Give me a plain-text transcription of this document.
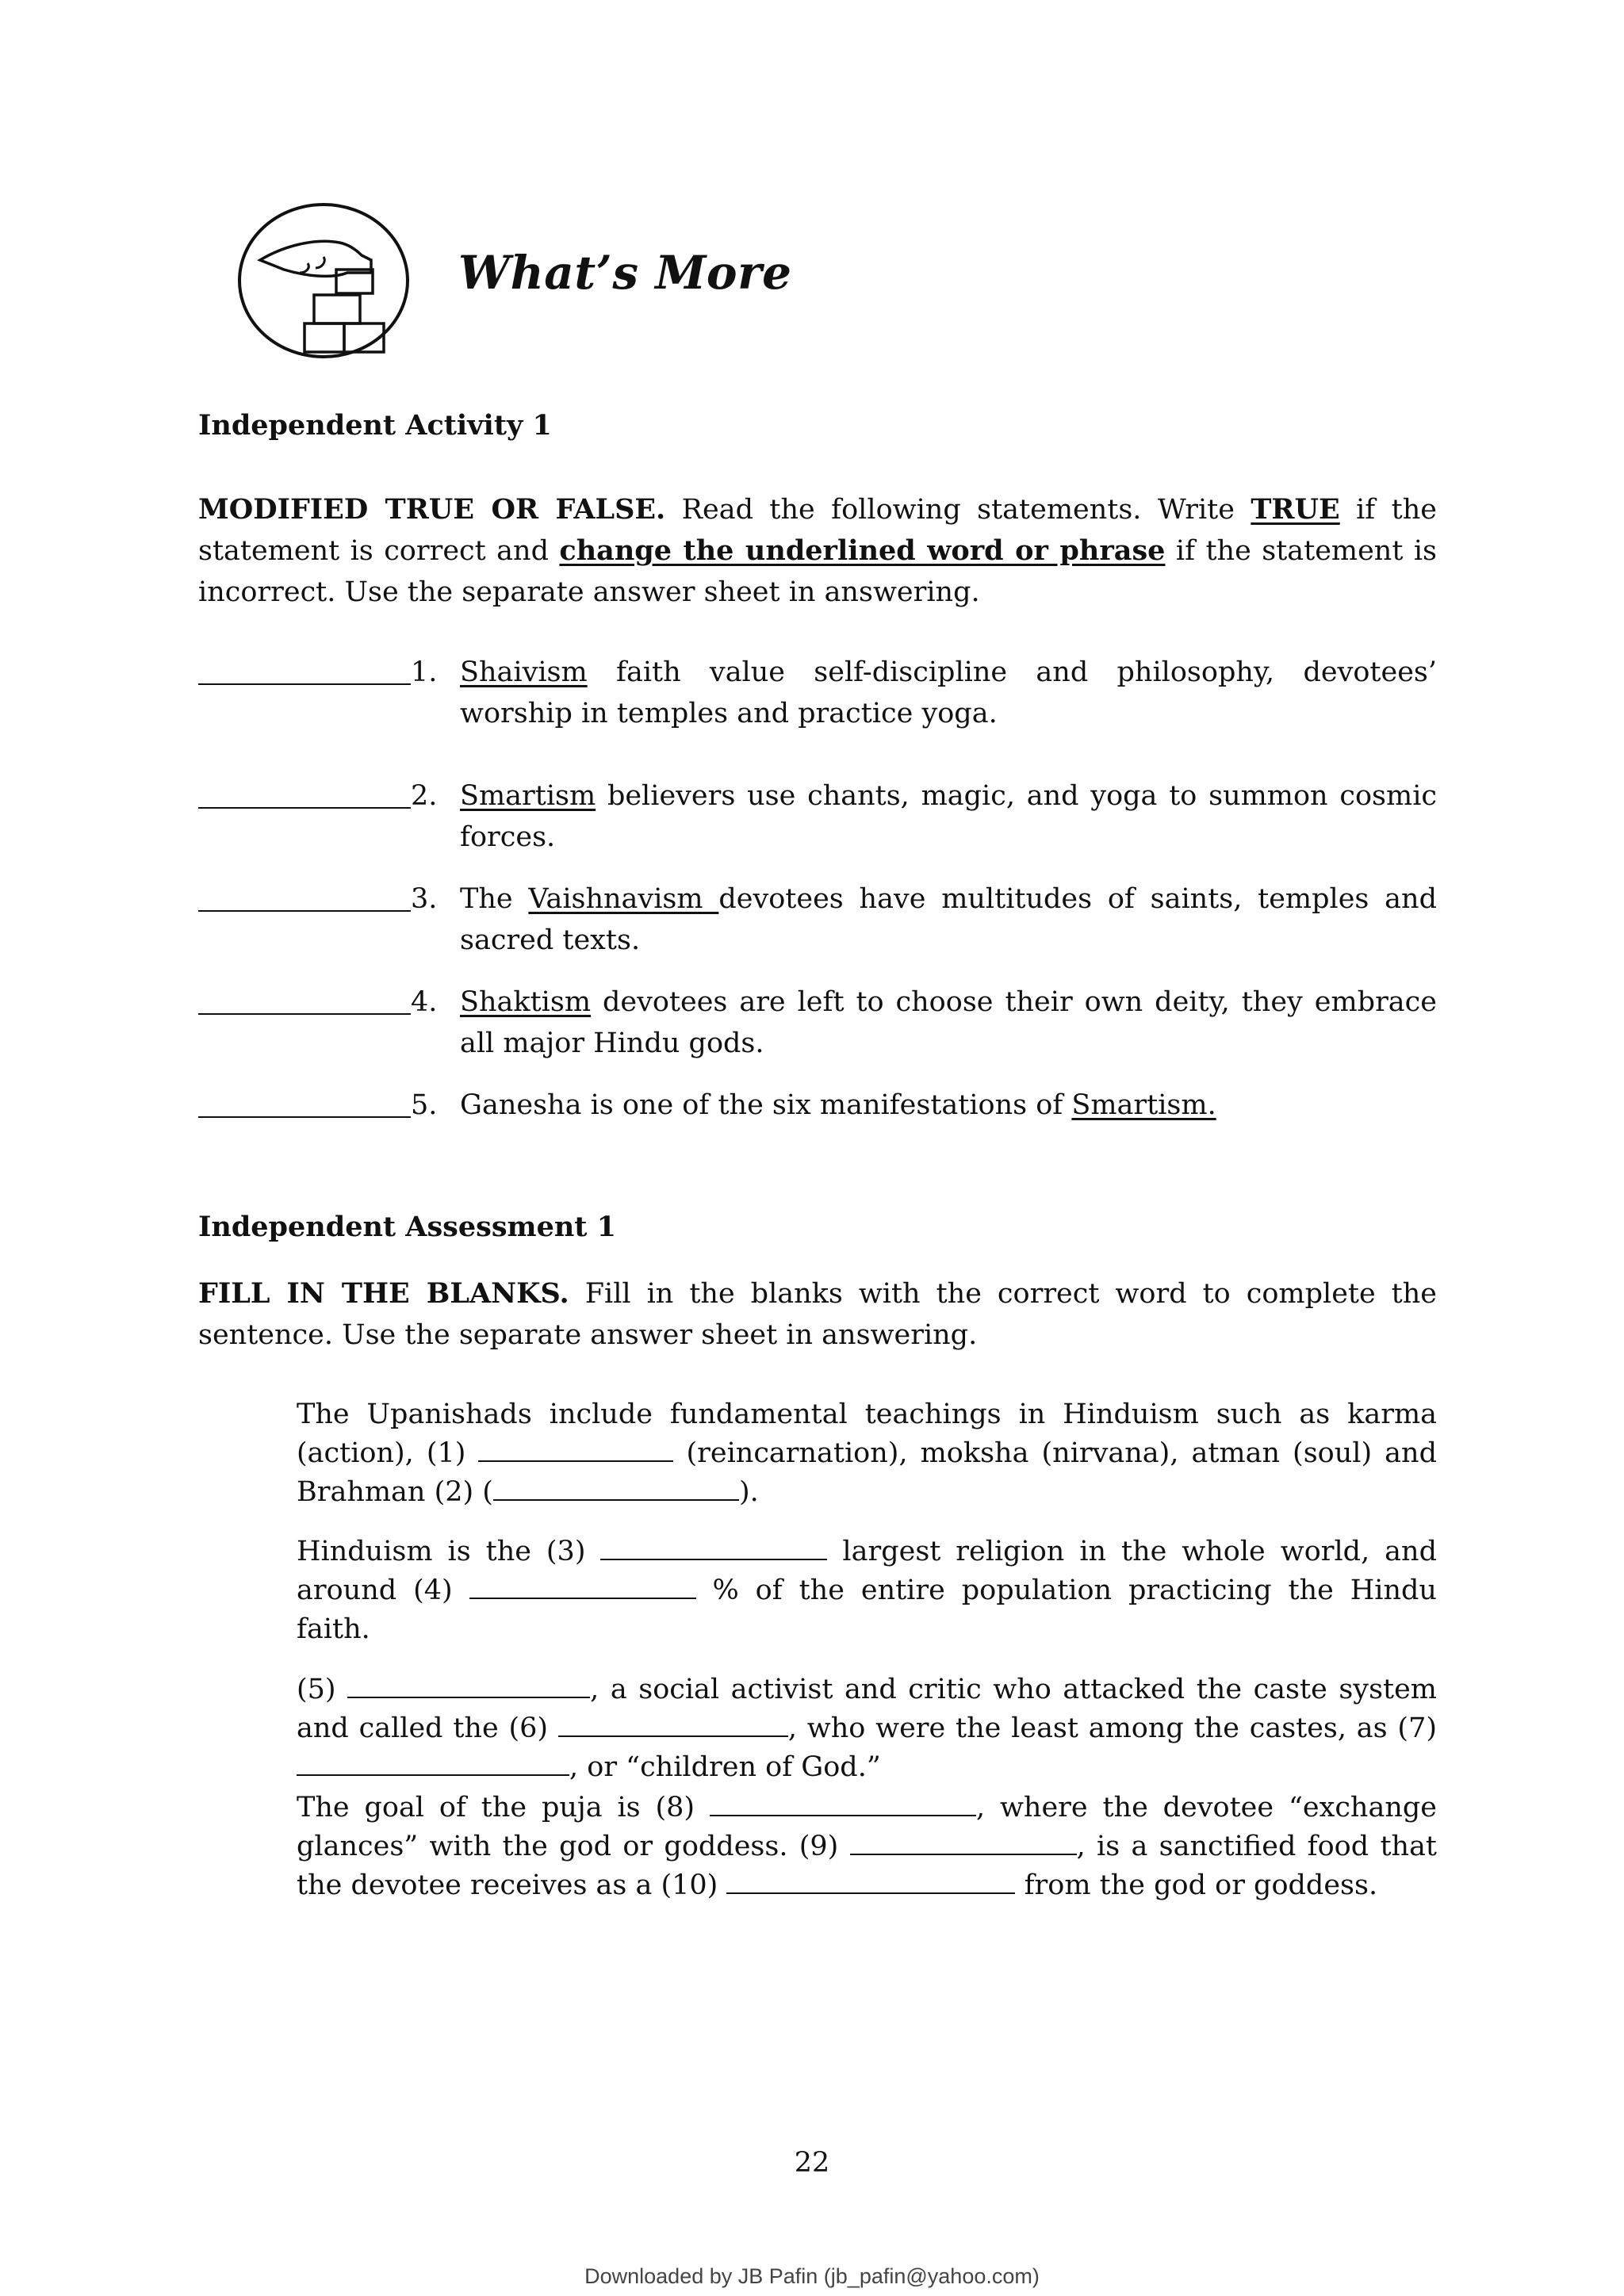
What’s More
Independent Activity 1
MODIFIED TRUE OR FALSE. Read the following statements. Write TRUE if the statement is correct and change the underlined word or phrase if the statement is incorrect. Use the separate answer sheet in answering.
1. Shaivism faith value self-discipline and philosophy, devotees’ worship in temples and practice yoga.
2. Smartism believers use chants, magic, and yoga to summon cosmic forces.
3. The Vaishnavism devotees have multitudes of saints, temples and sacred texts.
4. Shaktism devotees are left to choose their own deity, they embrace all major Hindu gods.
5. Ganesha is one of the six manifestations of Smartism.
Independent Assessment 1
FILL IN THE BLANKS. Fill in the blanks with the correct word to complete the sentence. Use the separate answer sheet in answering.
The Upanishads include fundamental teachings in Hinduism such as karma (action), (1)	(reincarnation), moksha (nirvana), atman (soul) and Brahman (2) (	).
Hinduism is the (3)	largest religion in the whole world, and around (4)	% of the entire population practicing the Hindu faith.
(5)	, a social activist and critic who attacked the caste system and called the (6)	, who were the least among the castes, as (7) , or “children of God.”
The goal of the puja is (8)	, where the devotee “exchange glances” with the god or goddess. (9)	, is a sanctified food that the devotee receives as a (10)	from the god or goddess.
22
Downloaded by JB Pafin (jb_pafin@yahoo.com)
